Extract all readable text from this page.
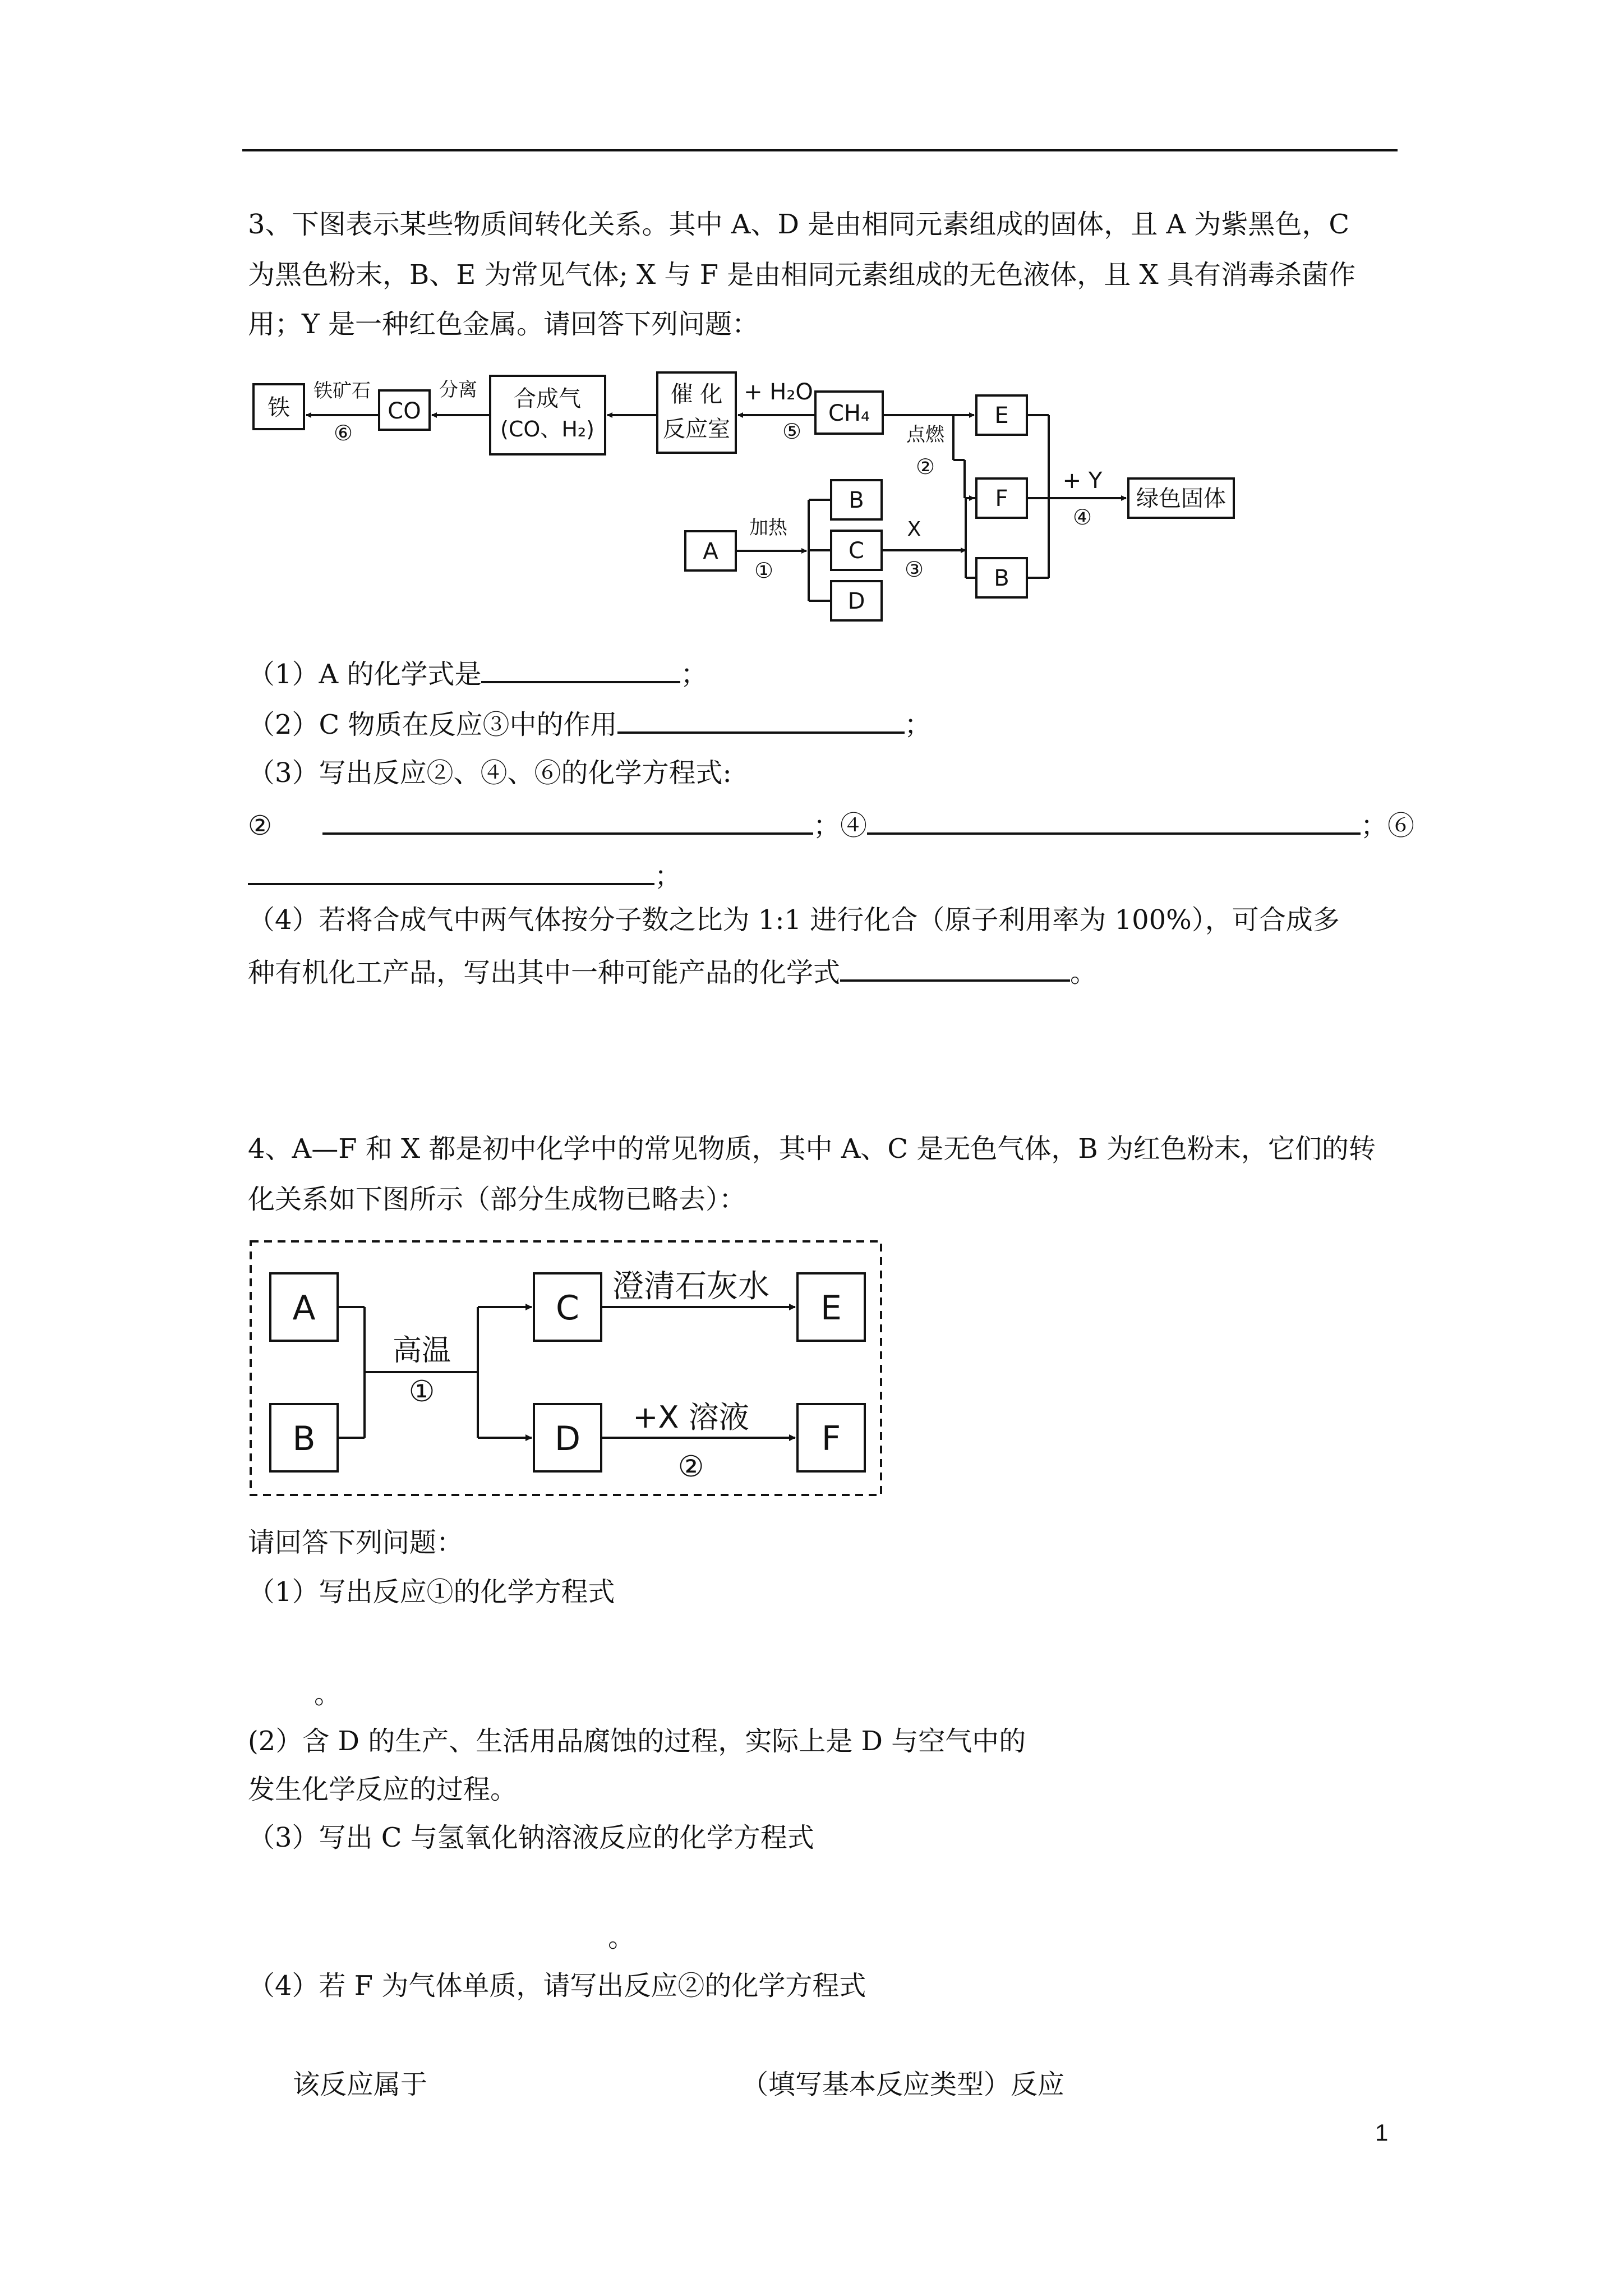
3、下图表示某些物质间转化关系。其中 A、D 是由相同元素组成的固体，且 A 为紫黑色，C
为黑色粉末，B、E 为常见气体; X 与 F 是由相同元素组成的无色液体，且 X 具有消毒杀菌作
用；Y 是一种红色金属。请回答下列问题：
铁
铁矿石
⑥
CO
分离 合成气
(CO、H₂)
催 化
反应室
+ H₂O
⑤
CH₄
点燃
②
E
F
+ Y
④
绿色固体
A
加热
①
B
C
D
X
③	B
（1）A 的化学式是	；
（2）C 物质在反应③中的作用	；
（3）写出反应②、④、⑥的化学方程式:
②	；④	；⑥
；
（4）若将合成气中两气体按分子数之比为 1:1 进行化合（原子利用率为 100%），可合成多
种有机化工产品，写出其中一种可能产品的化学式	。
4、A—F 和 X 都是初中化学中的常见物质，其中 A、C 是无色气体，B 为红色粉末，它们的转
化关系如下图所示（部分生成物已略去）：
A
B
C
D
E
F
高温
①
澄清石灰水
+X 溶液
②
请回答下列问题：
（1）写出反应①的化学方程式
。
(2）含 D 的生产、生活用品腐蚀的过程，实际上是 D 与空气中的
发生化学反应的过程。
（3）写出 C 与氢氧化钠溶液反应的化学方程式
。
（4）若 F 为气体单质，请写出反应②的化学方程式
该反应属于	（填写基本反应类型）反应
1
